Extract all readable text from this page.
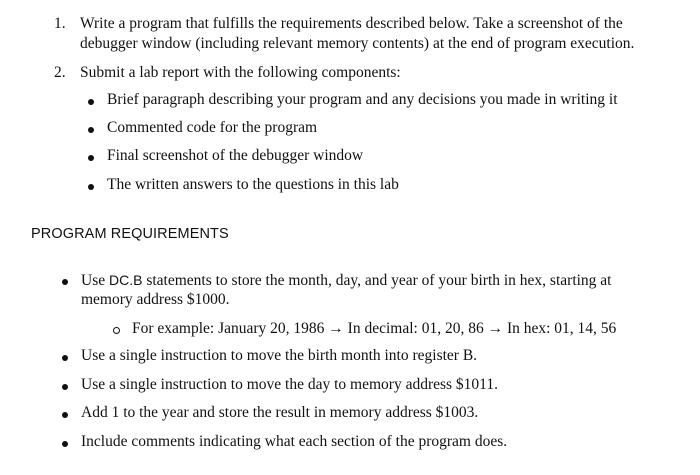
1. Write a program that fulfills the requirements described below. Take a screenshot of the
debugger window (including relevant memory contents) at the end of program execution.
2. Submit a lab report with the following components:
Brief paragraph describing your program and any decisions you made in writing it
Commented code for the program
Final screenshot of the debugger window
The written answers to the questions in this lab
PROGRAM REQUIREMENTS
Use DC.B statements to store the month, day, and year of your birth in hex, starting at
memory address $1000.
For example: January 20, 1986 → In decimal: 01, 20, 86 → In hex: 01, 14, 56
Use a single instruction to move the birth month into register B.
Use a single instruction to move the day to memory address $1011.
Add 1 to the year and store the result in memory address $1003.
Include comments indicating what each section of the program does.
